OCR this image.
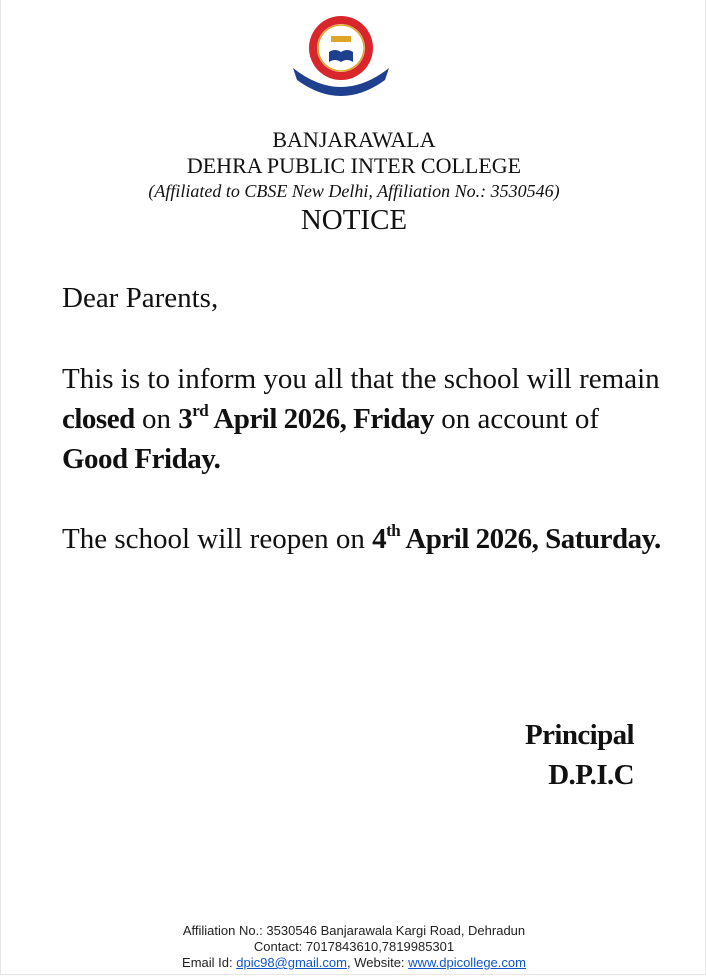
BANJARAWALA
DEHRA PUBLIC INTER COLLEGE
(Affiliated to CBSE New Delhi, Affiliation No.: 3530546)
NOTICE
Dear Parents,
This is to inform you all that the school will remain closed on 3rd April 2026, Friday on account of Good Friday.
The school will reopen on 4th April 2026, Saturday.
Principal
D.P.I.C
Affiliation No.: 3530546 Banjarawala Kargi Road, Dehradun
Contact: 7017843610,7819985301
Email Id: dpic98@gmail.com, Website: www.dpicollege.com
